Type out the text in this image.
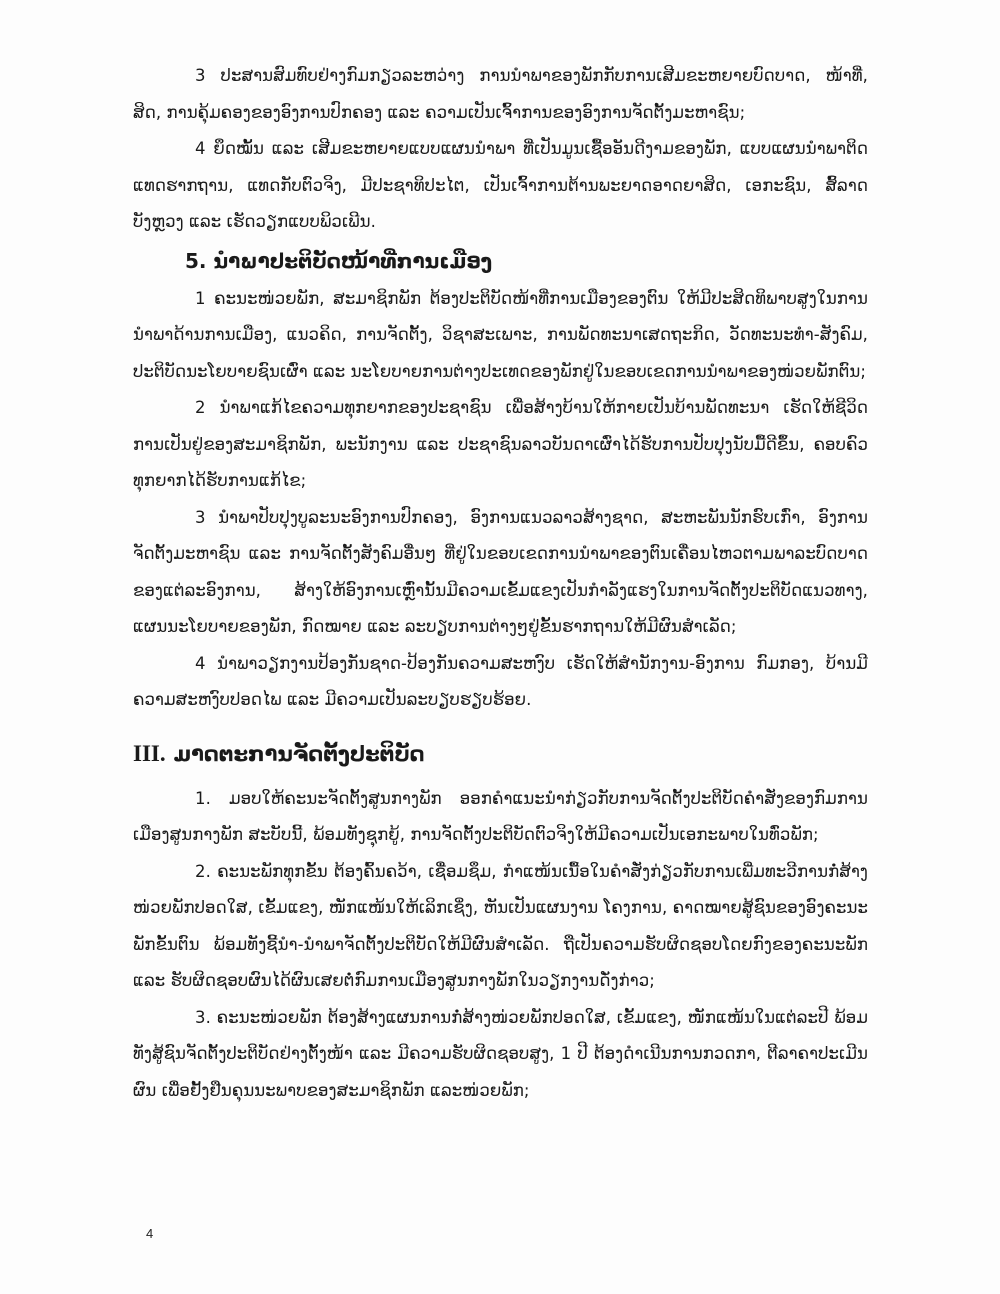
3 ປະສານສົມທົບຢ່າງກົມກຽວລະຫວ່າງ ການນໍາພາຂອງພັກກັບການເສີມຂະຫຍາຍບົດບາດ, ໜ້າທີ່, ສິດ, ການຄຸ້ມຄອງຂອງອົງການປົກຄອງ ແລະ ຄວາມເປັນເຈົ້າການຂອງອົງການຈັດຕັ້ງມະຫາຊົນ;

4 ຍຶດໝັ້ນ ແລະ ເສີມຂະຫຍາຍແບບແຜນນໍາພາ ທີ່ເປັນມູນເຊື້ອອັນດີງາມຂອງພັກ, ແບບແຜນນໍາພາຕິດແທດຮາກຖານ, ແທດກັບຕົວຈິງ, ມີປະຊາທິປະໄຕ, ເປັນເຈົ້າການຕ້ານພະຍາດອາດຍາສິດ, ເອກະຊົນ, ສົ້ລາດບັງຫຼວງ ແລະ ເຮັດວຽກແບບພິວເພີນ.

5. ນໍາພາປະຕິບັດໜ້າທີ່ການເມືອງ

1 ຄະນະໜ່ວຍພັກ, ສະມາຊິກພັກ ຕ້ອງປະຕິບັດໜ້າທີ່ການເມືອງຂອງຕົນ ໃຫ້ມີປະສິດທິພາບສູງໃນການນໍາພາດ້ານການເມືອງ, ແນວຄິດ, ການຈັດຕັ້ງ, ວິຊາສະເພາະ, ການພັດທະນາເສດຖະກິດ, ວັດທະນະທໍາ-ສັງຄົມ, ປະຕິບັດນະໂຍບາຍຊົນເຜົ່າ ແລະ ນະໂຍບາຍການຕ່າງປະເທດຂອງພັກຢູ່ໃນຂອບເຂດການນໍາພາຂອງໜ່ວຍພັກຕົນ;

2 ນໍາພາແກ້ໄຂຄວາມທຸກຍາກຂອງປະຊາຊົນ ເພື່ອສ້າງບ້ານໃຫ້ກາຍເປັນບ້ານພັດທະນາ ເຮັດໃຫ້ຊີວິດການເປັນຢູ່ຂອງສະມາຊິກພັກ, ພະນັກງານ ແລະ ປະຊາຊົນລາວບັນດາເຜົ່າໄດ້ຮັບການປັບປຸງນັບມື້ດີຂຶ້ນ, ຄອບຄົວທຸກຍາກໄດ້ຮັບການແກ້ໄຂ;

3 ນໍາພາປັບປຸງບູລະນະອົງການປົກຄອງ, ອົງການແນວລາວສ້າງຊາດ, ສະຫະພັນນັກຮົບເກົ່າ, ອົງການຈັດຕັ້ງມະຫາຊົນ ແລະ ການຈັດຕັ້ງສັງຄົມອື່ນໆ ທີ່ຢູ່ໃນຂອບເຂດການນໍາພາຂອງຕົນເຄື່ອນໄຫວຕາມພາລະບົດບາດຂອງແຕ່ລະອົງການ, ສ້າງໃຫ້ອົງການເຫຼົ່ານັ້ນມີຄວາມເຂັ້ມແຂງເປັນກໍາລັງແຮງໃນການຈັດຕັ້ງປະຕິບັດແນວທາງ, ແຜນນະໂຍບາຍຂອງພັກ, ກົດໝາຍ ແລະ ລະບຽບການຕ່າງໆຢູ່ຂັ້ນຮາກຖານໃຫ້ມີຜົນສໍາເລັດ;

4 ນໍາພາວຽກງານປ້ອງກັນຊາດ-ປ້ອງກັນຄວາມສະຫງົບ ເຮັດໃຫ້ສໍານັກງານ-ອົງການ ກົມກອງ, ບ້ານມີຄວາມສະຫງົບປອດໄພ ແລະ ມີຄວາມເປັນລະບຽບຮຽບຮ້ອຍ.

III. ມາດຕະການຈັດຕັ້ງປະຕິບັດ

1. ມອບໃຫ້ຄະນະຈັດຕັ້ງສູນກາງພັກ ອອກຄໍາແນະນໍາກ່ຽວກັບການຈັດຕັ້ງປະຕິບັດຄໍາສັ່ງຂອງກົມການເມືອງສູນກາງພັກ ສະບັບນີ້, ພ້ອມທັງຊຸກຍູ້, ການຈັດຕັ້ງປະຕິບັດຕົວຈິງໃຫ້ມີຄວາມເປັນເອກະພາບໃນທົ່ວພັກ;

2. ຄະນະພັກທຸກຂັ້ນ ຕ້ອງຄົ້ນຄວ້າ, ເຊື່ອມຊຶມ, ກໍາແໜ້ນເນື້ອໃນຄໍາສັ່ງກ່ຽວກັບການເພີ່ມທະວີການກໍ່ສ້າງໜ່ວຍພັກປອດໃສ, ເຂັ້ມແຂງ, ໜັກແໜ້ນໃຫ້ເລິກເຊິ່ງ, ຫັນເປັນແຜນງານ ໂຄງການ, ຄາດໝາຍສູ້ຊົນຂອງອົງຄະນະພັກຂັ້ນຕົນ ພ້ອມທັງຊີ້ນໍາ-ນໍາພາຈັດຕັ້ງປະຕິບັດໃຫ້ມີຜົນສໍາເລັດ. ຖືເປັນຄວາມຮັບຜິດຊອບໂດຍກົງຂອງຄະນະພັກ ແລະ ຮັບຜິດຊອບຜົນໄດ້ຜົນເສຍຕໍ່ກົມການເມືອງສູນກາງພັກໃນວຽກງານດັ່ງກ່າວ;

3. ຄະນະໜ່ວຍພັກ ຕ້ອງສ້າງແຜນການກໍ່ສ້າງໜ່ວຍພັກປອດໃສ, ເຂັ້ມແຂງ, ໜັກແໜ້ນໃນແຕ່ລະປີ ພ້ອມທັງສູ້ຊົນຈັດຕັ້ງປະຕິບັດຢ່າງຕັ້ງໜ້າ ແລະ ມີຄວາມຮັບຜິດຊອບສູງ, 1 ປີ ຕ້ອງດໍາເນີນການກວດກາ, ຕີລາຄາປະເມີນຜົນ ເພື່ອຢັ້ງຢືນຄຸນນະພາບຂອງສະມາຊິກພັກ ແລະໜ່ວຍພັກ;

4
